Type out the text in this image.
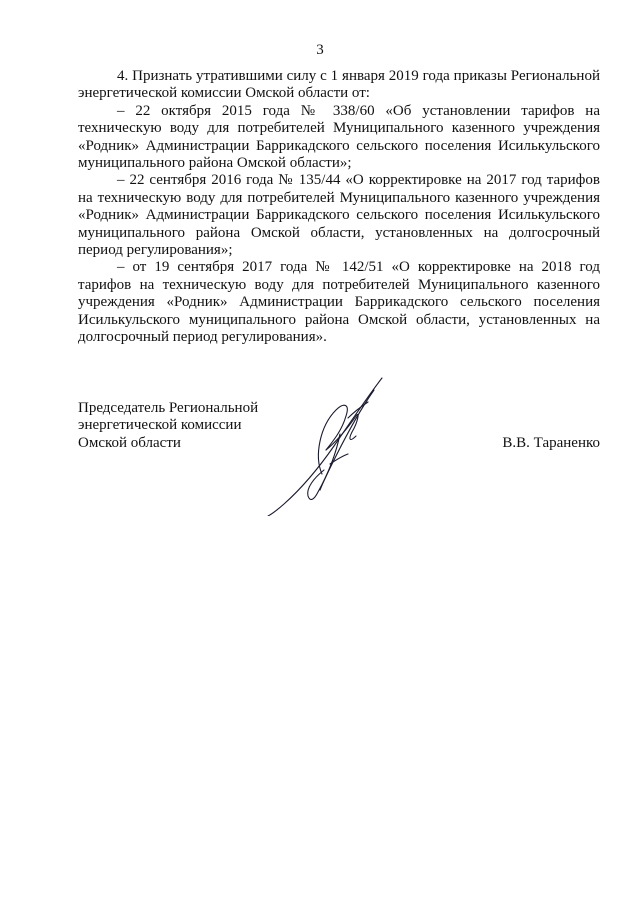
3

4. Признать утратившими силу с 1 января 2019 года приказы Региональной энергетической комиссии Омской области от:

– 22 октября 2015 года № 338/60 «Об установлении тарифов на техническую воду для потребителей Муниципального казенного учреждения «Родник» Администрации Баррикадского сельского поселения Исилькульского муниципального района Омской области»;

– 22 сентября 2016 года № 135/44 «О корректировке на 2017 год тарифов на техническую воду для потребителей Муниципального казенного учреждения «Родник» Администрации Баррикадского сельского поселения Исилькульского муниципального района Омской области, установленных на долгосрочный период регулирования»;

– от 19 сентября 2017 года № 142/51 «О корректировке на 2018 год тарифов на техническую воду для потребителей Муниципального казенного учреждения «Родник» Администрации Баррикадского сельского поселения Исилькульского муниципального района Омской области, установленных на долгосрочный период регулирования».

Председатель Региональной
энергетической комиссии
Омской области	В.В. Тараненко
